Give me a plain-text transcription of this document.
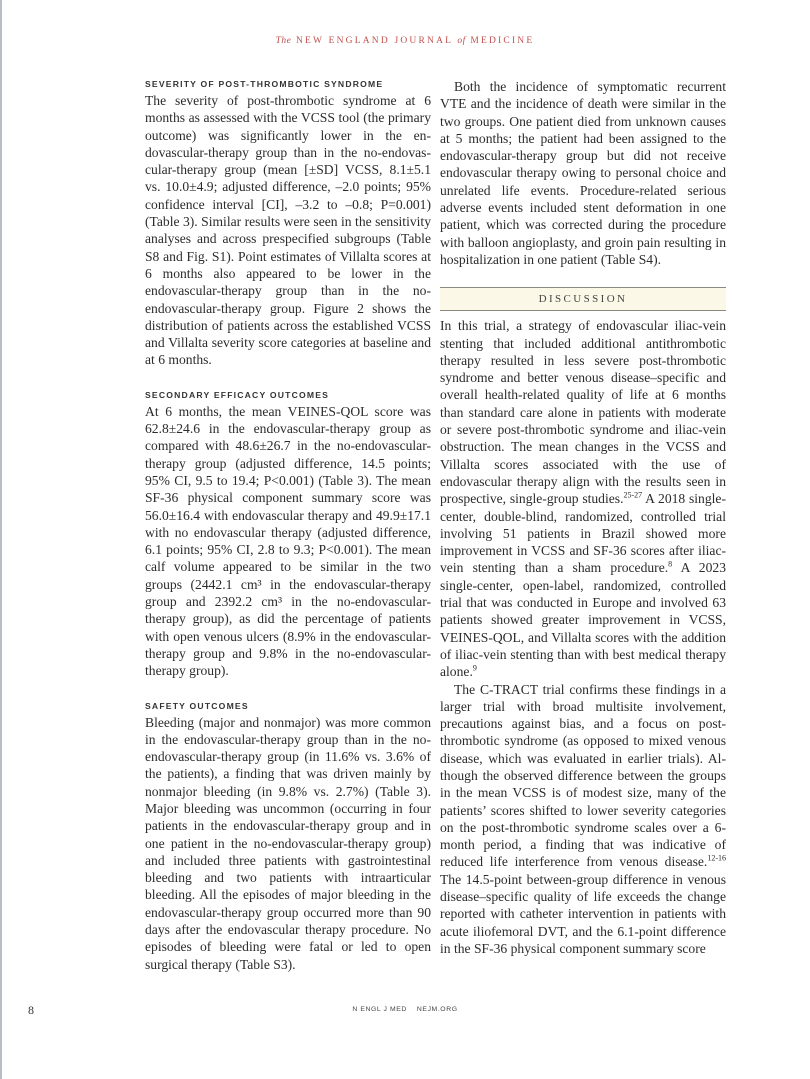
The NEW ENGLAND JOURNAL of MEDICINE
SEVERITY OF POST-THROMBOTIC SYNDROME

The severity of post-thrombotic syndrome at 6 months as assessed with the VCSS tool (the primary outcome) was significantly lower in the endovascular-therapy group than in the no-endovascular-therapy group (mean [±SD] VCSS, 8.1±5.1 vs. 10.0±4.9; adjusted difference, –2.0 points; 95% confidence interval [CI], –3.2 to –0.8; P=0.001) (Table 3). Similar results were seen in the sensitivity analyses and across prespecified subgroups (Table S8 and Fig. S1). Point estimates of Villalta scores at 6 months also appeared to be lower in the endovascular-therapy group than in the no-endovascular-therapy group. Figure 2 shows the distribution of patients across the established VCSS and Villalta severity score categories at baseline and at 6 months.

SECONDARY EFFICACY OUTCOMES

At 6 months, the mean VEINES-QOL score was 62.8±24.6 in the endovascular-therapy group as compared with 48.6±26.7 in the no-endovascular-therapy group (adjusted difference, 14.5 points; 95% CI, 9.5 to 19.4; P<0.001) (Table 3). The mean SF-36 physical component summary score was 56.0±16.4 with endovascular therapy and 49.9±17.1 with no endovascular therapy (adjusted difference, 6.1 points; 95% CI, 2.8 to 9.3; P<0.001). The mean calf volume appeared to be similar in the two groups (2442.1 cm³ in the endovascular-therapy group and 2392.2 cm³ in the no-endovascular-therapy group), as did the percentage of patients with open venous ulcers (8.9% in the endovascular-therapy group and 9.8% in the no-endovascular-therapy group).

SAFETY OUTCOMES

Bleeding (major and nonmajor) was more common in the endovascular-therapy group than in the no-endovascular-therapy group (in 11.6% vs. 3.6% of the patients), a finding that was driven mainly by nonmajor bleeding (in 9.8% vs. 2.7%) (Table 3). Major bleeding was uncommon (occurring in four patients in the endovascular-therapy group and in one patient in the no-endovascular-therapy group) and included three patients with gastrointestinal bleeding and two patients with intraarticular bleeding. All the episodes of major bleeding in the endovascular-therapy group occurred more than 90 days after the endovascular therapy procedure. No episodes of bleeding were fatal or led to open surgical therapy (Table S3).

Both the incidence of symptomatic recurrent VTE and the incidence of death were similar in the two groups. One patient died from unknown causes at 5 months; the patient had been assigned to the endovascular-therapy group but did not receive endovascular therapy owing to personal choice and unrelated life events. Procedure-related serious adverse events included stent deformation in one patient, which was corrected during the procedure with balloon angioplasty, and groin pain resulting in hospitalization in one patient (Table S4).

DISCUSSION

In this trial, a strategy of endovascular iliac-vein stenting that included additional antithrombotic therapy resulted in less severe post-thrombotic syndrome and better venous disease–specific and overall health-related quality of life at 6 months than standard care alone in patients with moderate or severe post-thrombotic syndrome and iliac-vein obstruction. The mean changes in the VCSS and Villalta scores associated with the use of endovascular therapy align with the results seen in prospective, single-group studies.$^{25-27}$ A 2018 single-center, double-blind, randomized, controlled trial involving 51 patients in Brazil showed more improvement in VCSS and SF-36 scores after iliac-vein stenting than a sham procedure.$^8$ A 2023 single-center, open-label, randomized, controlled trial that was conducted in Europe and involved 63 patients showed greater improvement in VCSS, VEINES-QOL, and Villalta scores with the addition of iliac-vein stenting than with best medical therapy alone.$^9$

The C-TRACT trial confirms these findings in a larger trial with broad multisite involvement, precautions against bias, and a focus on post-thrombotic syndrome (as opposed to mixed venous disease, which was evaluated in earlier trials). Although the observed difference between the groups in the mean VCSS is of modest size, many of the patients’ scores shifted to lower severity categories on the post-thrombotic syndrome scales over a 6-month period, a finding that was indicative of reduced life interference from venous disease.$^{12-16}$ The 14.5-point between-group difference in venous disease–specific quality of life exceeds the change reported with catheter intervention in patients with acute iliofemoral DVT, and the 6.1-point difference in the SF-36 physical component summary score

8	N ENGL J MED NEJM.ORG
